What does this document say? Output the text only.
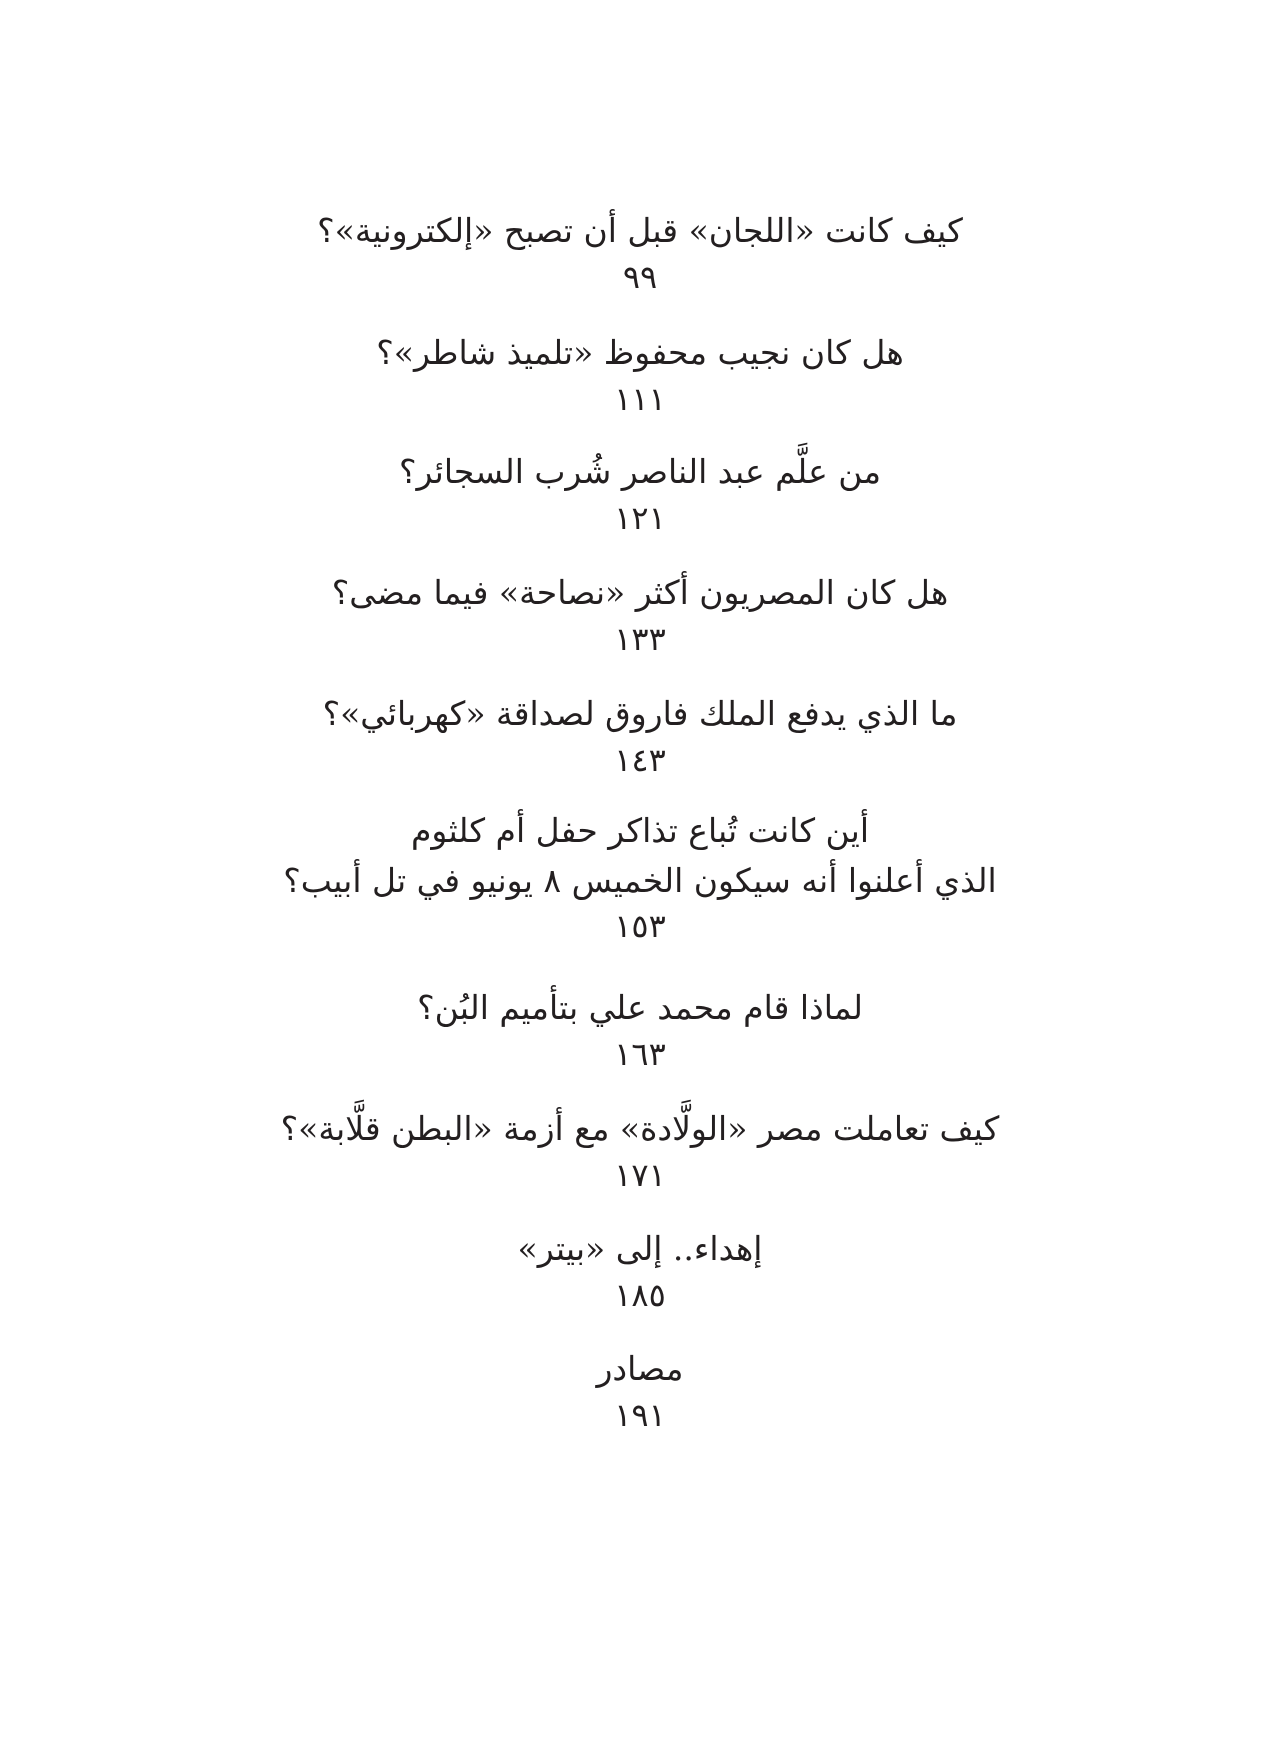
كيف كانت «اللجان» قبل أن تصبح «إلكترونية»؟
٩٩
هل كان نجيب محفوظ «تلميذ شاطر»؟
١١١
من علَّم عبد الناصر شُرب السجائر؟
١٢١
هل كان المصريون أكثر «نصاحة» فيما مضى؟
١٣٣
ما الذي يدفع الملك فاروق لصداقة «كهربائي»؟
١٤٣
أين كانت تُباع تذاكر حفل أم كلثوم
الذي أعلنوا أنه سيكون الخميس ٨ يونيو في تل أبيب؟
١٥٣
لماذا قام محمد علي بتأميم البُن؟
١٦٣
كيف تعاملت مصر «الولَّادة» مع أزمة «البطن قلَّابة»؟
١٧١
إهداء.. إلى «بيتر»
١٨٥
مصادر
١٩١
